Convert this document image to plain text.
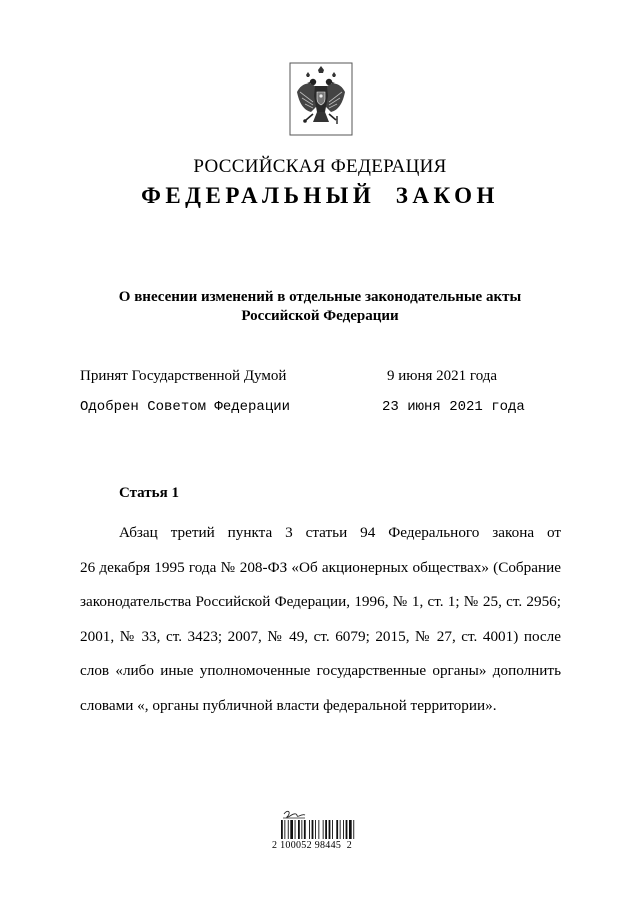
РОССИЙСКАЯ ФЕДЕРАЦИЯ
ФЕДЕРАЛЬНЫЙ  ЗАКОН
О внесении изменений в отдельные законодательные акты
Российской Федерации
Принят Государственной Думой	9 июня 2021 года
Одобрен Советом Федерации	23 июня 2021 года
Статья 1
Абзац третий пункта 3 статьи 94 Федерального закона от
26 декабря 1995 года № 208-ФЗ «Об акционерных обществах» (Собрание
законодательства Российской Федерации, 1996, № 1, ст. 1; № 25, ст. 2956;
2001, № 33, ст. 3423; 2007, № 49, ст. 6079; 2015, № 27, ст. 4001) после
слов «либо иные уполномоченные государственные органы» дополнить
словами «, органы публичной власти федеральной территории».
2 100052 98445  2
